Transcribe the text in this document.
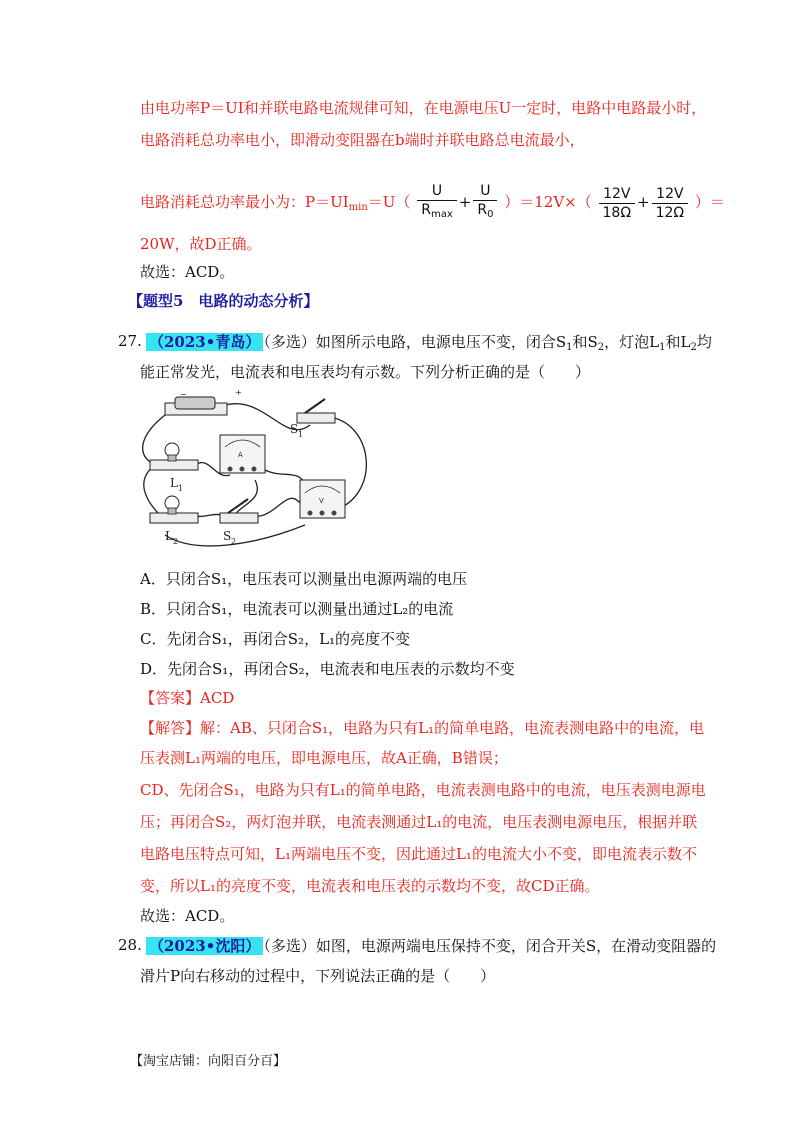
由电功率P＝UI和并联电路电流规律可知，在电源电压U一定时，电路中电路最小时，
电路消耗总功率电小，即滑动变阻器在b端时并联电路总电流最小，
电路消耗总功率最小为：$P=UI_{min}=U( \frac{U}{R_{max}} + \frac{U}{R_0} )=12V\times( \frac{12V}{18\Omega} + \frac{12V}{12\Omega}$ ）＝
20W，故D正确。
故选：ACD。
【题型5　电路的动态分析】
27. （2023•青岛） （多选）如图所示电路，电源电压不变，闭合$S_1$和$S_2$，灯泡$L_1$和$L_2$均
能正常发光，电流表和电压表均有示数。下列分析正确的是（　　）
−	+
S 1
L 1
A
V
L 2	S 2
A．只闭合S₁，电压表可以测量出电源两端的电压
B．只闭合S₁，电流表可以测量出通过L₂的电流
C．先闭合S₁，再闭合S₂，L₁的亮度不变
D．先闭合S₁，再闭合S₂，电流表和电压表的示数均不变
【答案】ACD
【解答】解：AB、只闭合S₁，电路为只有L₁的简单电路，电流表测电路中的电流，电
压表测L₁两端的电压，即电源电压，故A正确，B错误；
CD、先闭合S₁，电路为只有L₁的简单电路，电流表测电路中的电流，电压表测电源电
压；再闭合S₂，两灯泡并联，电流表测通过L₁的电流，电压表测电源电压，根据并联
电路电压特点可知，L₁两端电压不变，因此通过L₁的电流大小不变，即电流表示数不
变，所以L₁的亮度不变，电流表和电压表的示数均不变，故CD正确。
故选：ACD。
28. （2023•沈阳） （多选）如图，电源两端电压保持不变，闭合开关S，在滑动变阻器的
滑片P向右移动的过程中，下列说法正确的是（　　）
【淘宝店铺：向阳百分百】
